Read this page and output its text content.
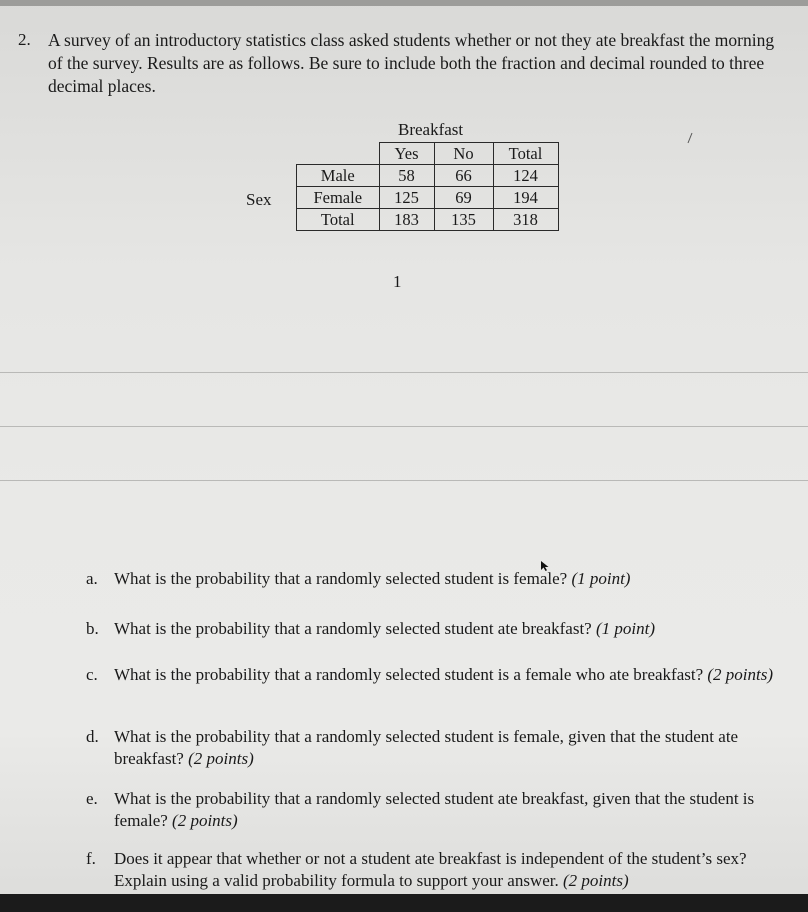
2. A survey of an introductory statistics class asked students whether or not they ate breakfast the morning of the survey. Results are as follows. Be sure to include both the fraction and decimal rounded to three decimal places.
Breakfast
Sex
	Yes	No	Total
Male	58	66	124
Female	125	69	194
Total	183	135	318
1
a. What is the probability that a randomly selected student is female? (1 point)
b. What is the probability that a randomly selected student ate breakfast? (1 point)
c. What is the probability that a randomly selected student is a female who ate breakfast? (2 points)
d. What is the probability that a randomly selected student is female, given that the student ate breakfast? (2 points)
e. What is the probability that a randomly selected student ate breakfast, given that the student is female? (2 points)
f. Does it appear that whether or not a student ate breakfast is independent of the student’s sex? Explain using a valid probability formula to support your answer. (2 points)
